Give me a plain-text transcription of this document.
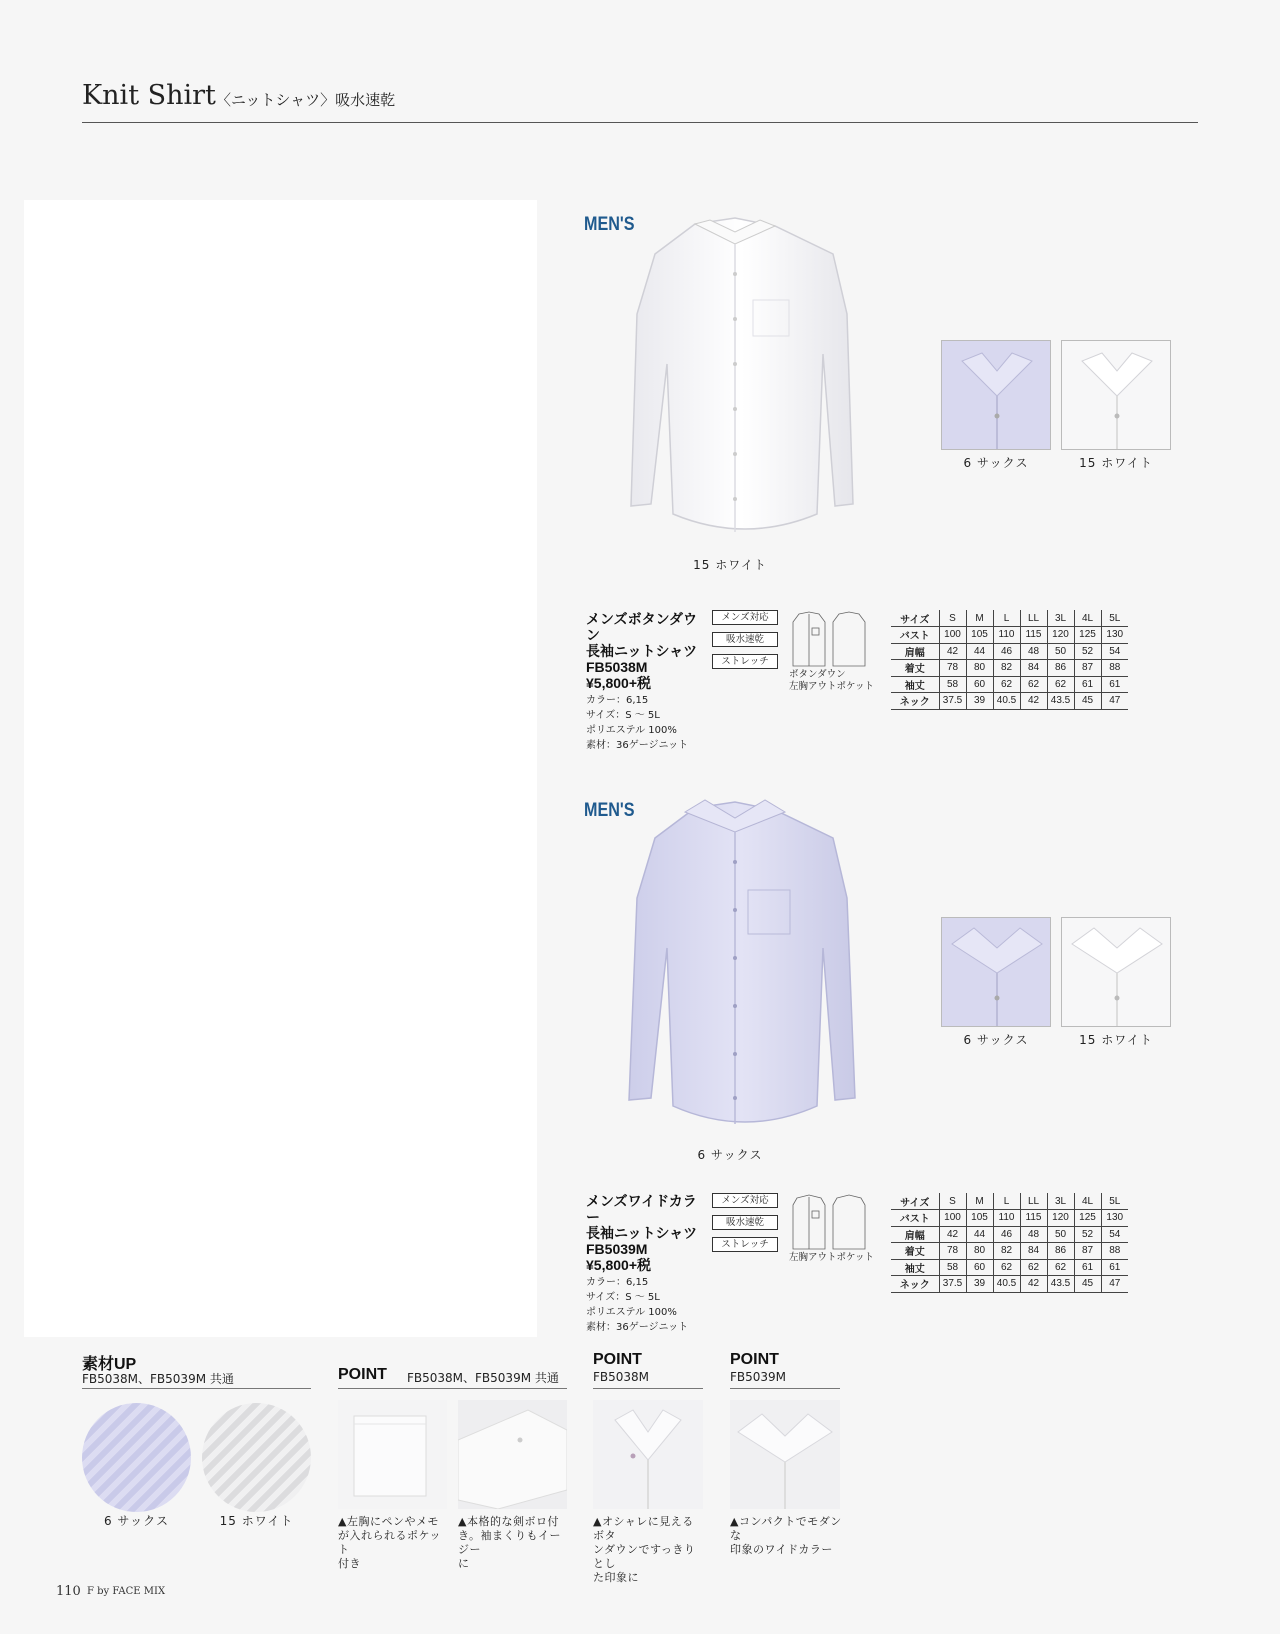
Knit Shirt 〈ニットシャツ〉吸水速乾
MEN'S
15 ホワイト
6 サックス	15 ホワイト
メンズボタンダウン
長袖ニットシャツ
FB5038M
¥5,800+税
カラー：6,15
サイズ：S ～ 5L
ポリエステル 100%
素材：36ゲージニット
メンズ対応
吸水速乾
ストレッチ
ボタンダウン
左胸アウトポケット
サイズ	S	M	L	LL	3L	4L	5L
バスト	100	105	110	115	120	125	130
肩幅	42	44	46	48	50	52	54
着丈	78	80	82	84	86	87	88
袖丈	58	60	62	62	62	61	61
ネック	37.5	39	40.5	42	43.5	45	47
MEN'S
6 サックス
6 サックス	15 ホワイト
メンズワイドカラー
長袖ニットシャツ
FB5039M
¥5,800+税
カラー：6,15
サイズ：S ～ 5L
ポリエステル 100%
素材：36ゲージニット
メンズ対応
吸水速乾
ストレッチ
左胸アウトポケット
サイズ	S	M	L	LL	3L	4L	5L
バスト	100	105	110	115	120	125	130
肩幅	42	44	46	48	50	52	54
着丈	78	80	82	84	86	87	88
袖丈	58	60	62	62	62	61	61
ネック	37.5	39	40.5	42	43.5	45	47
素材UP
FB5038M、FB5039M 共通
6 サックス	15 ホワイト
POINT FB5038M、FB5039M 共通
▲左胸にペンやメモ
が入れられるポケット
付き
▲本格的な剣ボロ付
き。袖まくりもイージー
に
POINT
FB5038M
▲オシャレに見えるボタ
ンダウンですっきりとし
た印象に
POINT
FB5039M
▲コンパクトでモダンな
印象のワイドカラー
110 F by FACE MIX
